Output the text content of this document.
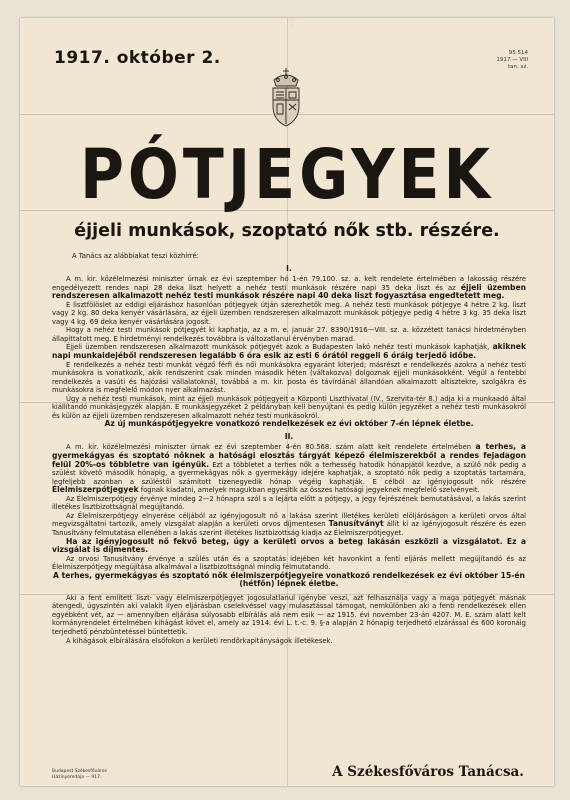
1917. október 2.	95.514
1917 — VIII
tan. sz.
PÓTJEGYEK
éjjeli munkások, szoptató nők stb. részére.

A Tanács az alábbiakat teszi közhírré:

I.

A m. kir. közélelmezési miniszter úrnak ez évi szeptember hó 1-én 79.100. sz. a. kelt rendelete értelmében a lakosság részére engedélyezett rendes napi 28 deka liszt helyett a nehéz testi munkások részére napi 35 deka liszt és az éjjeli üzemben rendszeresen alkalmazott nehéz testi munkások részére napi 40 deka liszt fogyasztása engedtetett meg.

E lisztfölöslet az eddigi eljáráshoz hasonlóan pótjegyek útján szerezhetők meg. A nehéz testi munkások pótjegye 4 hétre 2 kg. liszt vagy 2 kg. 80 deka kenyér vásárlására, az éjjeli üzemben rendszeresen alkalmazott munkások pótjegye pedig 4 hétre 3 kg. 35 deka liszt vagy 4 kg. 69 deka kenyér vásárlására jogosít.

Hogy a nehéz testi munkások pótjegyét ki kaphatja, az a m. e. január 27. 8390/1916—VIII. sz. a. közzétett tanácsi hirdetményben állapíttatott meg. E hirdetményi rendelkezés továbbra is változatlanul érvényben marad.

Éjjeli üzemben rendszeresen alkalmazott munkások pótjegyét azok a Budapesten lakó nehéz testi munkások kaphatják, akiknek napi munkaidejéből rendszeresen legalább 6 óra esik az esti 6 órától reggeli 6 óráig terjedő időbe.

E rendelkezés a nehéz testi munkát végző férfi és női munkásokra egyaránt kiterjed; másrészt e rendelkezés azokra a nehéz testi munkásokra is vonatkozik, akik rendszerint csak minden második héten (váltakozva) dolgoznak éjjeli munkásokként. Végül a fentebbi rendelkezés a vasúti és hajózási vállalatoknál, továbbá a m. kir. posta és távírdánál állandóan alkalmazott altisztekre, szolgákra és munkásokra is megfelelő módon nyer alkalmazást.

Úgy a nehéz testi munkások, mint az éjjeli munkások pótjegyeit a Központi Liszthivatal (IV., Szervita-tér 8.) adja ki a munkaadó által kiállítandó munkásjegyzék alapján. E munkásjegyzéket 2 példányban kell benyújtani és pedig külön jegyzéket a nehéz testi munkásokról és külön az éjjeli üzemben rendszeresen alkalmazott nehéz testi munkásokról.

Az új munkáspótjegyekre vonatkozó rendelkezések ez évi október 7-én lépnek életbe.

II.

A m. kir. közélelmezési miniszter úrnak ez évi szeptember 4-én 80.568. szám alatt kelt rendelete értelmében a terhes, a gyermekágyas és szoptató nőknek a hatósági elosztás tárgyát képező élelmiszerekből a rendes fejadagon felül 20%-os többletre van igényük. Ezt a többletet a terhes nők a terhesség hatodik hónapjától kezdve, a szülő nők pedig a szülést követő második hónapig, a gyermekágyas nők a gyermekágy idejére kaphatják, a szoptató nők pedig a szoptatás tartamára, legfeljebb azonban a szüléstől számított tizenegyedik hónap végéig kaphatják. E célból az igényjogosult nők részére Élelmiszerpótjegyek fognak kiadatni, amelyek magukban egyesítik az összes hatósági jegyeknek megfelelő szelvényeit.

Az Élelmiszerpótjegy érvénye mindeg 2—2 hónapra szól s a lejárta előtt a pótjegy, a jegy fejrészének bemutatásával, a lakás szerint illetékes lisztbizottságnál megújítandó.

Az Élelmiszerpótjegy elnyerése céljából az igényjogosult nő a lakása szerint illetékes kerületi elöljáróságon a kerületi orvos által megvizsgáltatni tartozik, amely vizsgálat alapján a kerületi orvos díjmentesen Tanusítványt állít ki az igényjogosult részére és ezen Tanusítvány felmutatása ellenében a lakás szerint illetékes lisztbizottság kiadja az Élelmiszerpótjegyet.

Ha az igényjogosult nő fekvő beteg, úgy a kerületi orvos a beteg lakásán eszközli a vizsgálatot. Ez a vizsgálat is díjmentes.

Az orvosi Tanusítvány érvénye a szülés után és a szoptatás idejében két havonkint a fenti eljárás mellett megújítandó és az Élelmiszerpótjegy megújítása alkalmával a lisztbizottságnál mindig felmutatandó.

A terhes, gyermekágyas és szoptató nők élelmiszerpótjegyeire vonatkozó rendelkezések ez évi október 15-én (hétfőn) lépnek életbe.

Aki a fent említett liszt- vagy élelmiszerpótjegyet jogosulatlanul igénybe veszi, azt felhasználja vagy a maga pótjegyét másnak átengedi, úgyszintén aki valakit ilyen eljárásban cselekvéssel vagy mulasztással támogat, nemkülönben aki a fenti rendelkezések ellen egyébként vét, az — amennyiben eljárása súlyosabb elbírálás alá nem esik — az 1915. évi november 23-án 4207. M. E. szám alatt kelt kormányrendelet értelmében kihágást követ el, amely az 1914. évi L. t.-c. 9. §-a alapján 2 hónapig terjedhető elzárással és 600 koronáig terjedhető pénzbüntetéssel büntettetik.

A kihágások elbírálására elsőfokon a kerületi rendőrkapitányságok illetékesek.

Budapest Székesfőváros
Házinyomdája — 917.	A Székesfőváros Tanácsa.
